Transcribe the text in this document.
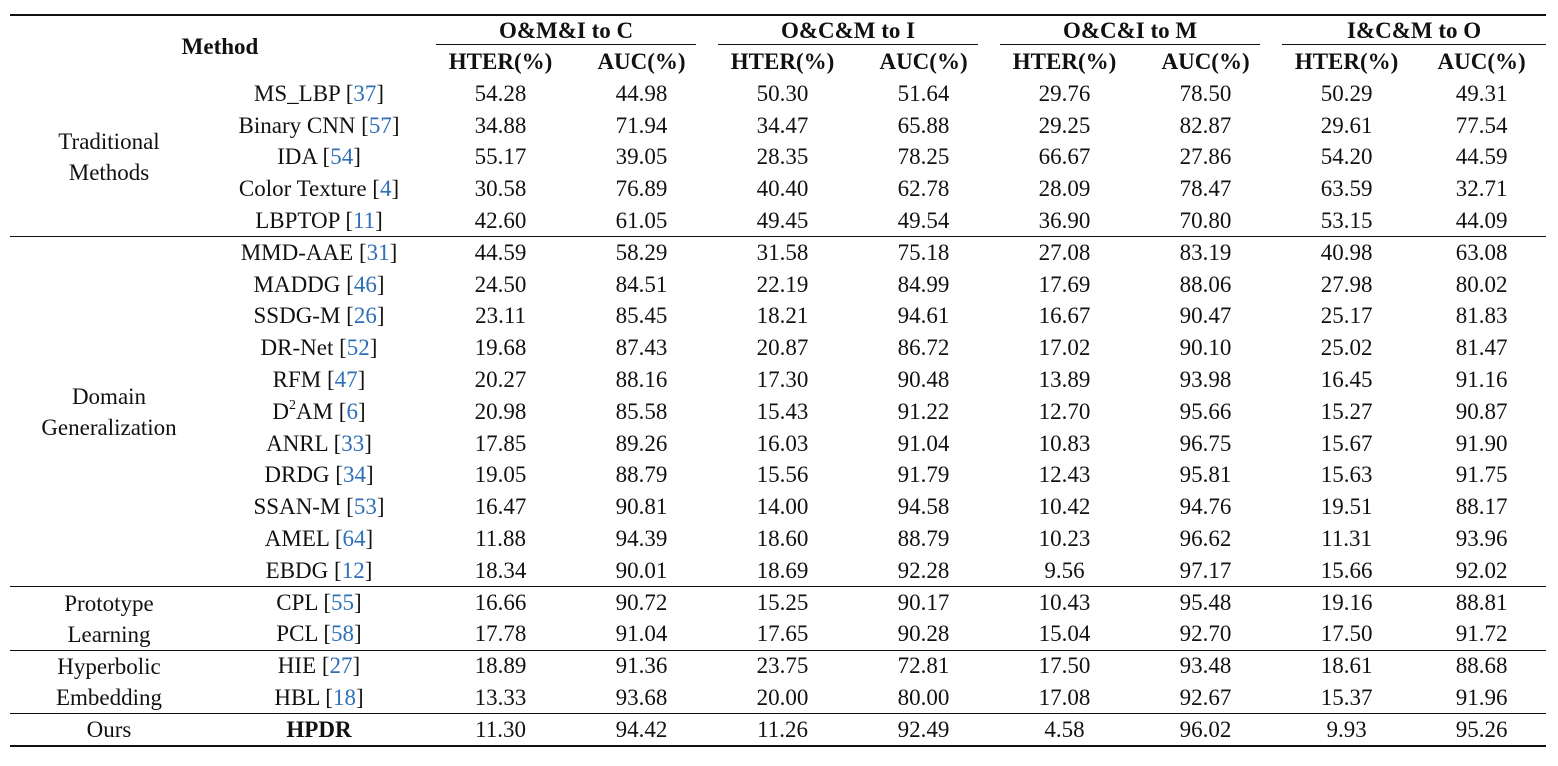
Method		O&M&I to C		O&C&M to I		O&C&I to M		I&C&M to O	

		HTER(%)	AUC(%)	HTER(%)	AUC(%)	HTER(%)	AUC(%)	HTER(%)	AUC(%)

Traditional
Methods	MS_LBP [37]	54.28	44.98	50.30	51.64	29.76	78.50	50.29	49.31
	Binary CNN [57]	34.88	71.94	34.47	65.88	29.25	82.87	29.61	77.54
	IDA [54]	55.17	39.05	28.35	78.25	66.67	27.86	54.20	44.59
	Color Texture [4]	30.58	76.89	40.40	62.78	28.09	78.47	63.59	32.71
	LBPTOP [11]	42.60	61.05	49.45	49.54	36.90	70.80	53.15	44.09

Domain
Generalization	MMD-AAE [31]	44.59	58.29	31.58	75.18	27.08	83.19	40.98	63.08
	MADDG [46]	24.50	84.51	22.19	84.99	17.69	88.06	27.98	80.02
	SSDG-M [26]	23.11	85.45	18.21	94.61	16.67	90.47	25.17	81.83
	DR-Net [52]	19.68	87.43	20.87	86.72	17.02	90.10	25.02	81.47
	RFM [47]	20.27	88.16	17.30	90.48	13.89	93.98	16.45	91.16
	$D^2AM$ [6]	20.98	85.58	15.43	91.22	12.70	95.66	15.27	90.87
	ANRL [33]	17.85	89.26	16.03	91.04	10.83	96.75	15.67	91.90
	DRDG [34]	19.05	88.79	15.56	91.79	12.43	95.81	15.63	91.75
	SSAN-M [53]	16.47	90.81	14.00	94.58	10.42	94.76	19.51	88.17
	AMEL [64]	11.88	94.39	18.60	88.79	10.23	96.62	11.31	93.96
	EBDG [12]	18.34	90.01	18.69	92.28	9.56	97.17	15.66	92.02

Prototype
Learning	CPL [55]	16.66	90.72	15.25	90.17	10.43	95.48	19.16	88.81
	PCL [58]	17.78	91.04	17.65	90.28	15.04	92.70	17.50	91.72

Hyperbolic
Embedding	HIE [27]	18.89	91.36	23.75	72.81	17.50	93.48	18.61	88.68
	HBL [18]	13.33	93.68	20.00	80.00	17.08	92.67	15.37	91.96

Ours	HPDR	11.30	94.42	11.26	92.49	4.58	96.02	9.93	95.26
